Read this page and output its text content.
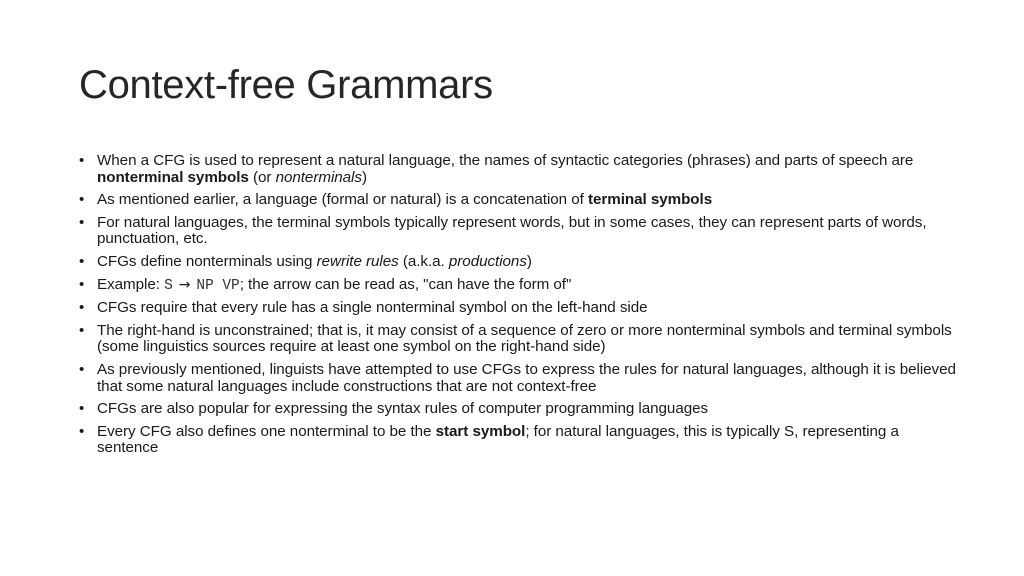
Context-free Grammars
• When a CFG is used to represent a natural language, the names of syntactic categories (phrases) and parts of speech are nonterminal symbols (or nonterminals)
• As mentioned earlier, a language (formal or natural) is a concatenation of terminal symbols
• For natural languages, the terminal symbols typically represent words, but in some cases, they can represent parts of words, punctuation, etc.
• CFGs define nonterminals using rewrite rules (a.k.a. productions)
• Example: S → NP VP; the arrow can be read as, "can have the form of"
• CFGs require that every rule has a single nonterminal symbol on the left-hand side
• The right-hand is unconstrained; that is, it may consist of a sequence of zero or more nonterminal symbols and terminal symbols (some linguistics sources require at least one symbol on the right-hand side)
• As previously mentioned, linguists have attempted to use CFGs to express the rules for natural languages, although it is believed that some natural languages include constructions that are not context-free
• CFGs are also popular for expressing the syntax rules of computer programming languages
• Every CFG also defines one nonterminal to be the start symbol; for natural languages, this is typically S, representing a sentence
